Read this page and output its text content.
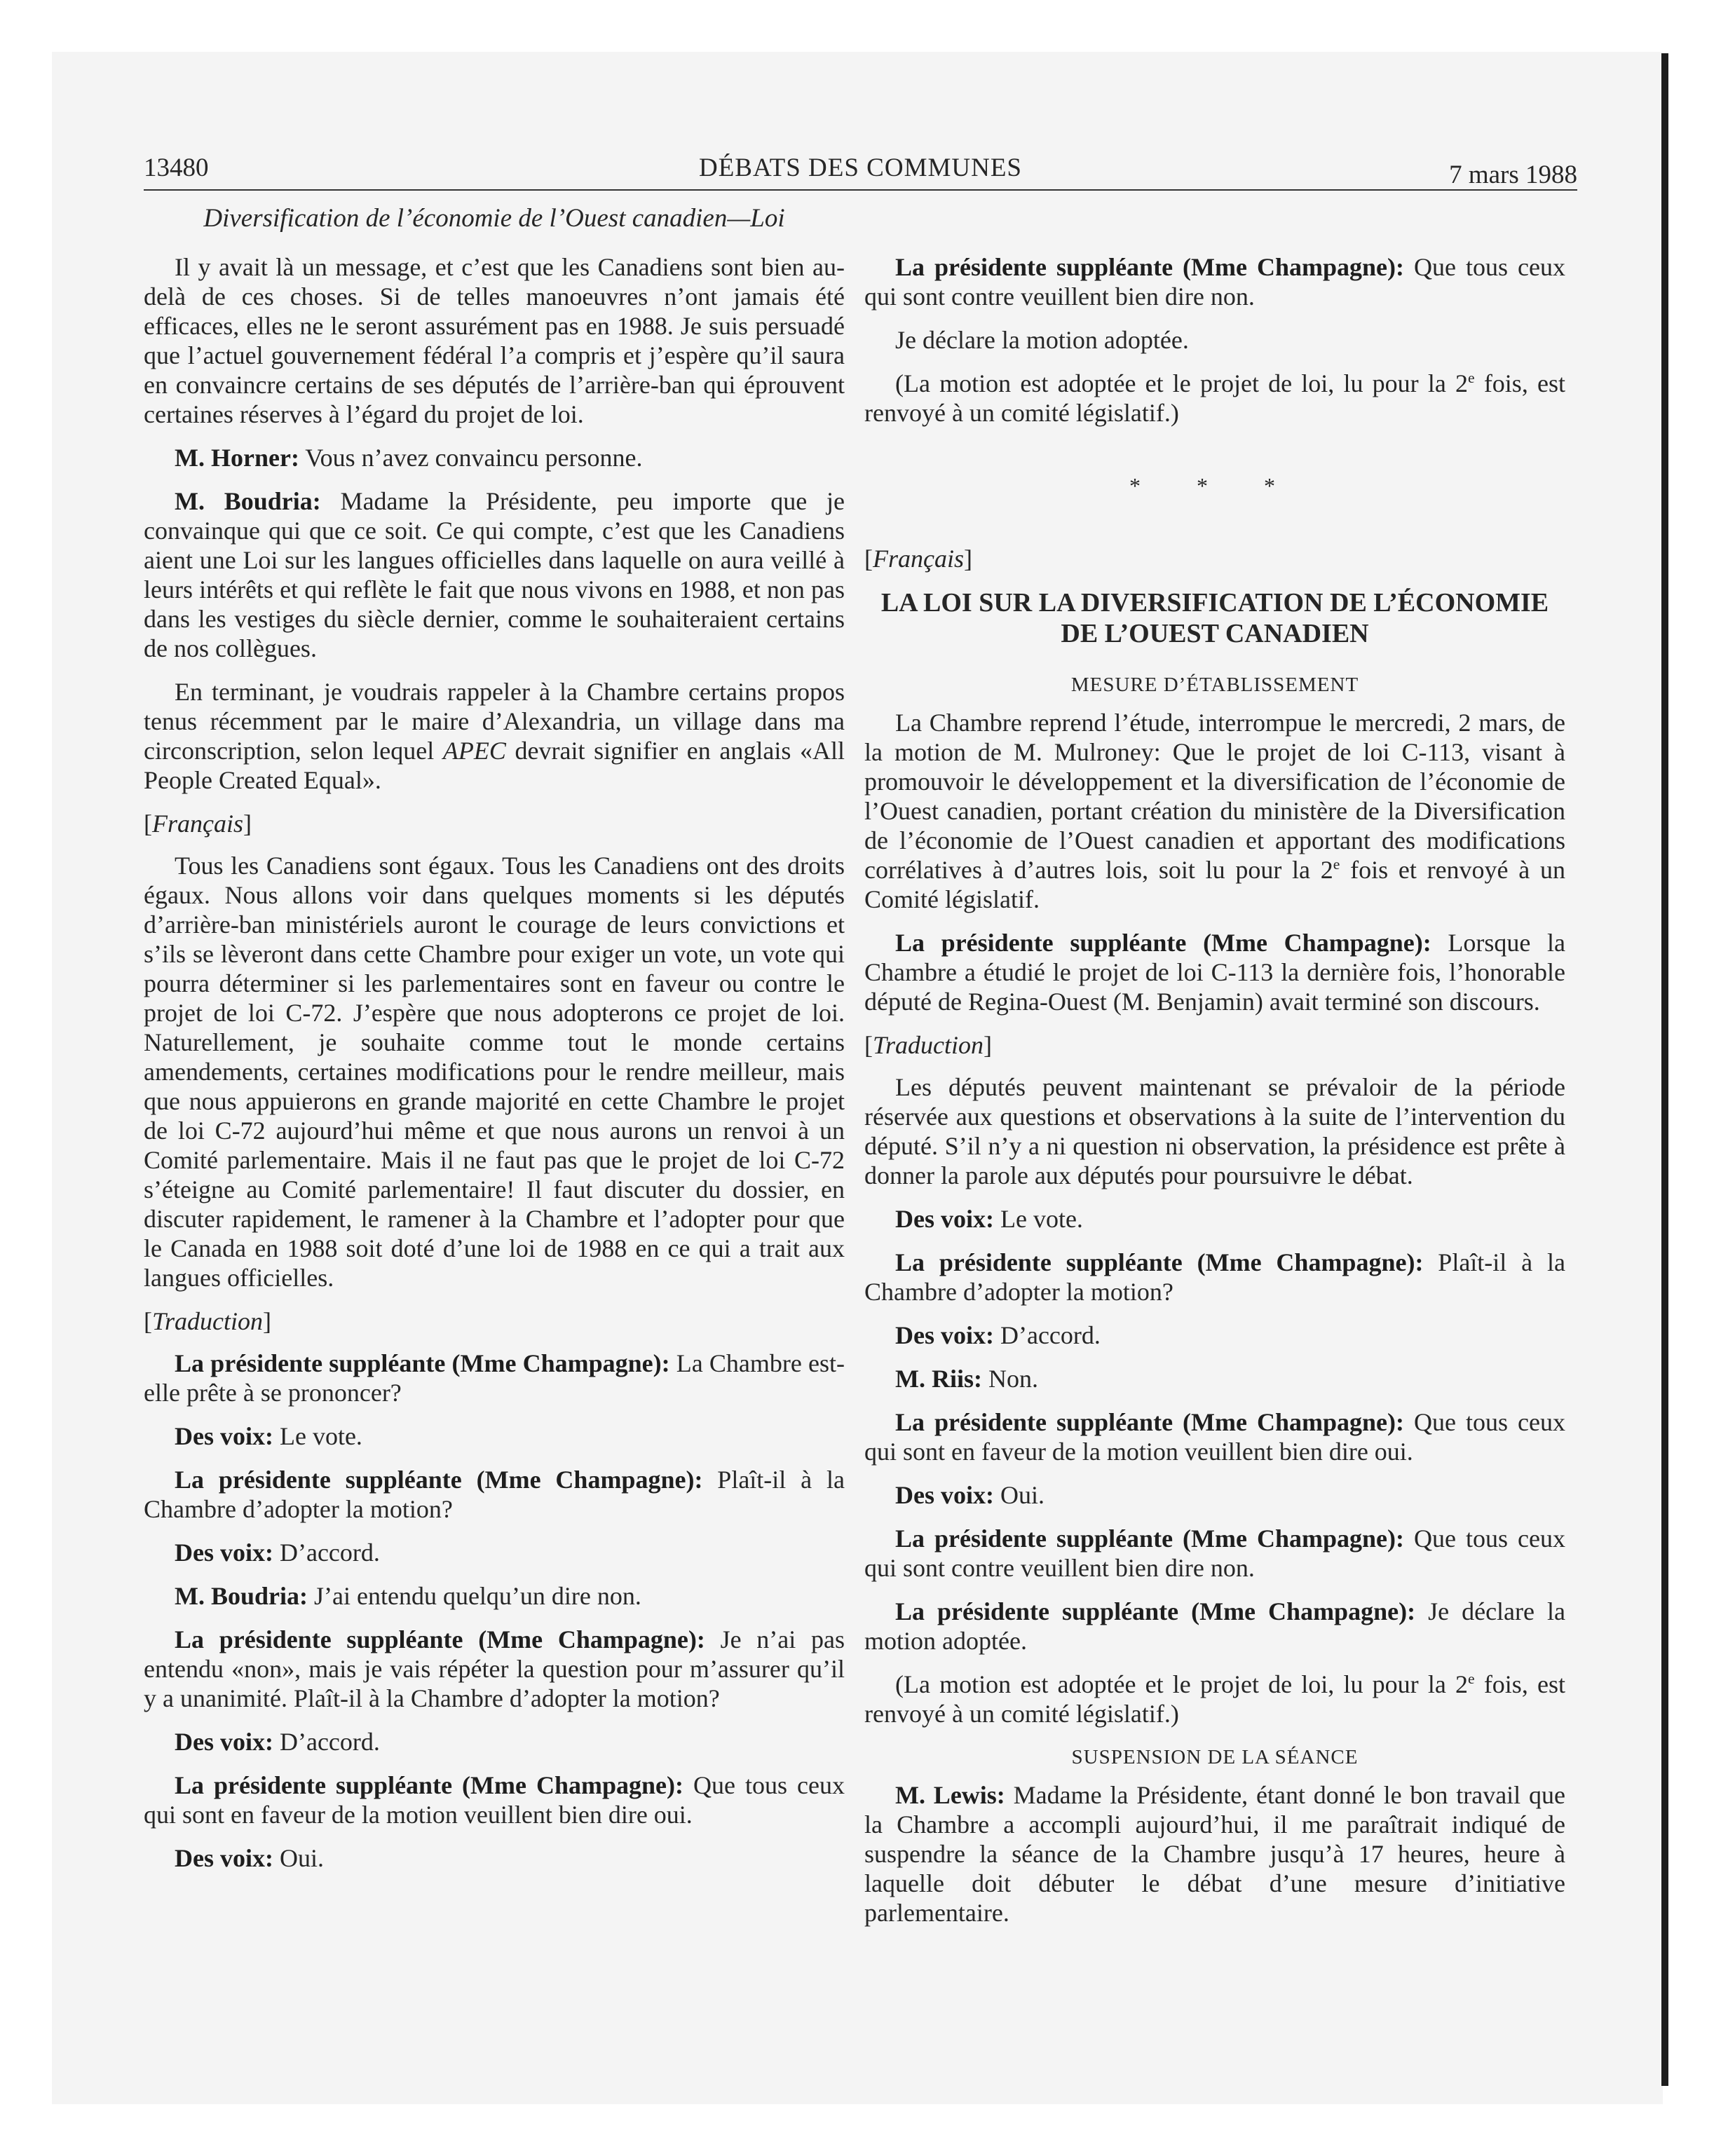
13480	DÉBATS DES COMMUNES	7 mars 1988
Diversification de l’économie de l’Ouest canadien—Loi

Il y avait là un message, et c’est que les Canadiens sont bien au-delà de ces choses. Si de telles manoeuvres n’ont jamais été efficaces, elles ne le seront assurément pas en 1988. Je suis persuadé que l’actuel gouvernement fédéral l’a compris et j’espère qu’il saura en convaincre certains de ses députés de l’arrière-ban qui éprouvent certaines réserves à l’égard du projet de loi.

M. Horner: Vous n’avez convaincu personne.

M. Boudria: Madame la Présidente, peu importe que je convainque qui que ce soit. Ce qui compte, c’est que les Canadiens aient une Loi sur les langues officielles dans laquelle on aura veillé à leurs intérêts et qui reflète le fait que nous vivons en 1988, et non pas dans les vestiges du siècle dernier, comme le souhaiteraient certains de nos collègues.

En terminant, je voudrais rappeler à la Chambre certains propos tenus récemment par le maire d’Alexandria, un village dans ma circonscription, selon lequel APEC devrait signifier en anglais «All People Created Equal».

[Français]

Tous les Canadiens sont égaux. Tous les Canadiens ont des droits égaux. Nous allons voir dans quelques moments si les députés d’arrière-ban ministériels auront le courage de leurs convictions et s’ils se lèveront dans cette Chambre pour exiger un vote, un vote qui pourra déterminer si les parlementaires sont en faveur ou contre le projet de loi C-72. J’espère que nous adopterons ce projet de loi. Naturellement, je souhaite comme tout le monde certains amendements, certaines modifications pour le rendre meilleur, mais que nous appuierons en grande majorité en cette Chambre le projet de loi C-72 aujourd’hui même et que nous aurons un renvoi à un Comité parlementaire. Mais il ne faut pas que le projet de loi C-72 s’éteigne au Comité parlementaire! Il faut discuter du dossier, en discuter rapidement, le ramener à la Chambre et l’adopter pour que le Canada en 1988 soit doté d’une loi de 1988 en ce qui a trait aux langues officielles.

[Traduction]

La présidente suppléante (Mme Champagne): La Chambre est-elle prête à se prononcer?

Des voix: Le vote.

La présidente suppléante (Mme Champagne): Plaît-il à la Chambre d’adopter la motion?

Des voix: D’accord.

M. Boudria: J’ai entendu quelqu’un dire non.

La présidente suppléante (Mme Champagne): Je n’ai pas entendu «non», mais je vais répéter la question pour m’assurer qu’il y a unanimité. Plaît-il à la Chambre d’adopter la motion?

Des voix: D’accord.

La présidente suppléante (Mme Champagne): Que tous ceux qui sont en faveur de la motion veuillent bien dire oui.

Des voix: Oui.

La présidente suppléante (Mme Champagne): Que tous ceux qui sont contre veuillent bien dire non.

Je déclare la motion adoptée.

(La motion est adoptée et le projet de loi, lu pour la 2e fois, est renvoyé à un comité législatif.)

* * *

[Français]

LA LOI SUR LA DIVERSIFICATION DE L’ÉCONOMIE DE L’OUEST CANADIEN
MESURE D’ÉTABLISSEMENT

La Chambre reprend l’étude, interrompue le mercredi, 2 mars, de la motion de M. Mulroney: Que le projet de loi C-113, visant à promouvoir le développement et la diversification de l’économie de l’Ouest canadien, portant création du ministère de la Diversification de l’économie de l’Ouest canadien et apportant des modifications corrélatives à d’autres lois, soit lu pour la 2e fois et renvoyé à un Comité législatif.

La présidente suppléante (Mme Champagne): Lorsque la Chambre a étudié le projet de loi C-113 la dernière fois, l’honorable député de Regina-Ouest (M. Benjamin) avait terminé son discours.

[Traduction]

Les députés peuvent maintenant se prévaloir de la période réservée aux questions et observations à la suite de l’intervention du député. S’il n’y a ni question ni observation, la présidence est prête à donner la parole aux députés pour poursuivre le débat.

Des voix: Le vote.

La présidente suppléante (Mme Champagne): Plaît-il à la Chambre d’adopter la motion?

Des voix: D’accord.

M. Riis: Non.

La présidente suppléante (Mme Champagne): Que tous ceux qui sont en faveur de la motion veuillent bien dire oui.

Des voix: Oui.

La présidente suppléante (Mme Champagne): Que tous ceux qui sont contre veuillent bien dire non.

La présidente suppléante (Mme Champagne): Je déclare la motion adoptée.

(La motion est adoptée et le projet de loi, lu pour la 2e fois, est renvoyé à un comité législatif.)

SUSPENSION DE LA SÉANCE

M. Lewis: Madame la Présidente, étant donné le bon travail que la Chambre a accompli aujourd’hui, il me paraîtrait indiqué de suspendre la séance de la Chambre jusqu’à 17 heures, heure à laquelle doit débuter le débat d’une mesure d’initiative parlementaire.
